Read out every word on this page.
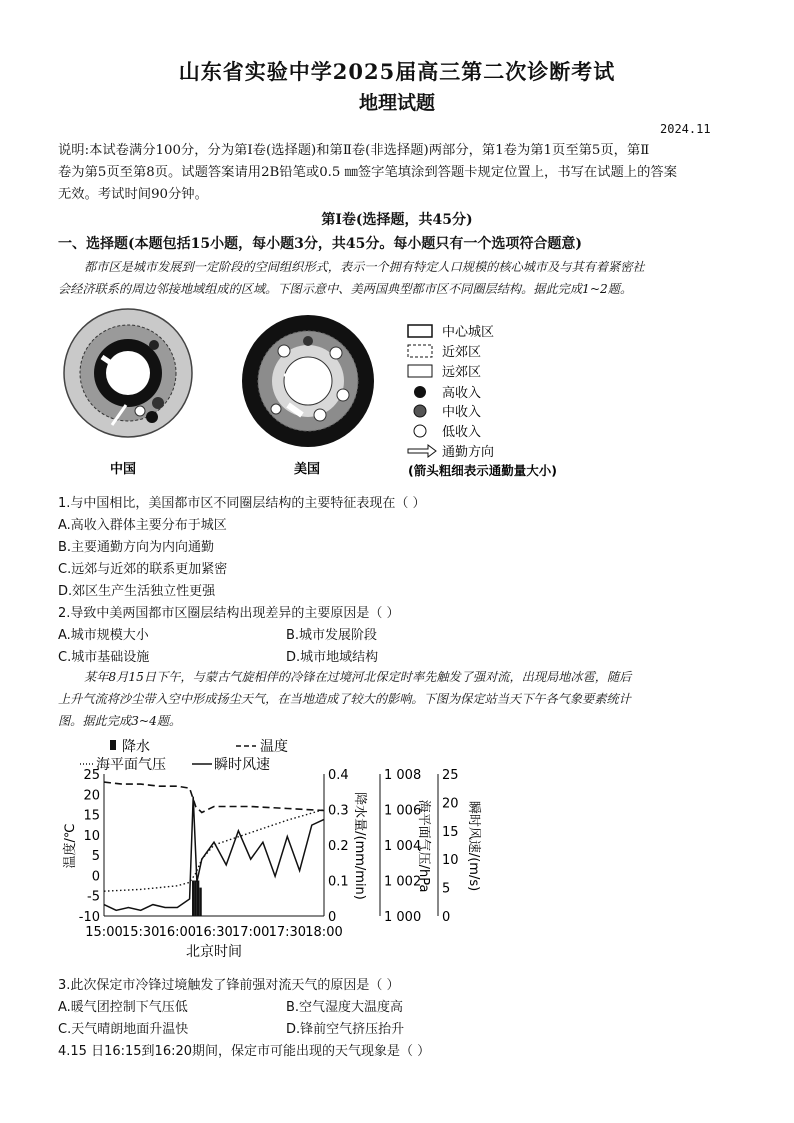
山东省实验中学2025届高三第二次诊断考试
地理试题
2024.11
说明:本试卷满分100分，分为第Ⅰ卷(选择题)和第Ⅱ卷(非选择题)两部分，第1卷为第1页至第5页，第Ⅱ
卷为第5页至第8页。试题答案请用2B铅笔或0.5 ㎜签字笔填涂到答题卡规定位置上，书写在试题上的答案
无效。考试时间90分钟。
第Ⅰ卷(选择题，共45分)
一、选择题(本题包括15小题，每小题3分，共45分。每小题只有一个选项符合题意)
都市区是城市发展到一定阶段的空间组织形式，表示一个拥有特定人口规模的核心城市及与其有着紧密社
会经济联系的周边邻接地域组成的区域。下图示意中、美两国典型都市区不同圈层结构。据此完成1~2题。
中国	美国
中心城区
近郊区
远郊区
高收入
中收入
低收入
通勤方向
(箭头粗细表示通勤量大小)
1.与中国相比，美国都市区不同圈层结构的主要特征表现在（ ）
A.高收入群体主要分布于城区
B.主要通勤方向为内向通勤
C.远郊与近郊的联系更加紧密
D.郊区生产生活独立性更强
2.导致中美两国都市区圈层结构出现差异的主要原因是（ ）
A.城市规模大小	B.城市发展阶段
C.城市基础设施	D.城市地域结构
某年8月15日下午，与蒙古气旋相伴的冷锋在过境河北保定时率先触发了强对流，出现局地冰雹，随后
上升气流将沙尘带入空中形成扬尘天气，在当地造成了较大的影响。下图为保定站当天下午各气象要素统计
图。据此完成3~4题。
降水	温度
海平面气压	瞬时风速
25
20
15
10
5
0
-5
-10
0.4
0.3
0.2
0.1
0
1 008
1 006
1 004
1 002
1 000
25
20
15
10
5
0
15:00 15:30 16:00 16:30 17:00 17:30 18:00
温度/℃	降水量/(mm/min)	海平面气压/hPa	瞬时风速/(m/s)
北京时间
3.此次保定市冷锋过境触发了锋前强对流天气的原因是（ ）
A.暖气团控制下气压低	B.空气湿度大温度高
C.天气晴朗地面升温快	D.锋前空气挤压抬升
4.15 日16:15到16:20期间，保定市可能出现的天气现象是（ ）
